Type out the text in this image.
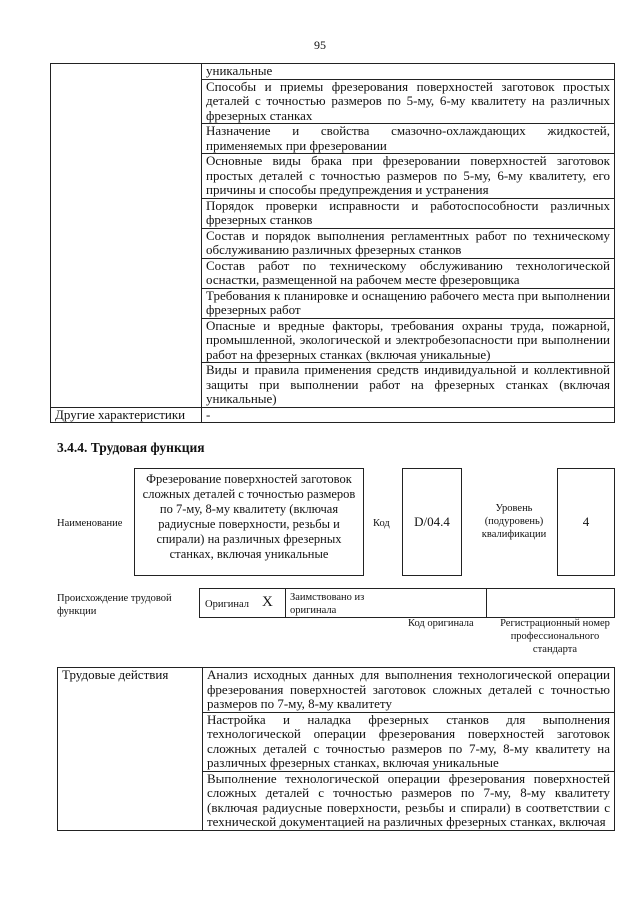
95
	уникальные
	Способы и приемы фрезерования поверхностей заготовок простых деталей с точностью размеров по 5-му, 6-му квалитету на различных фрезерных станках
	Назначение и свойства смазочно-охлаждающих жидкостей, применяемых при фрезеровании
	Основные виды брака при фрезеровании поверхностей заготовок простых деталей с точностью размеров по 5-му, 6-му квалитету, его причины и способы предупреждения и устранения
	Порядок проверки исправности и работоспособности различных фрезерных станков
	Состав и порядок выполнения регламентных работ по техническому обслуживанию различных фрезерных станков
	Состав работ по техническому обслуживанию технологической оснастки, размещенной на рабочем месте фрезеровщика
	Требования к планировке и оснащению рабочего места при выполнении фрезерных работ
	Опасные и вредные факторы, требования охраны труда, пожарной, промышленной, экологической и электробезопасности при выполнении работ на фрезерных станках (включая уникальные)
	Виды и правила применения средств индивидуальной и коллективной защиты при выполнении работ на фрезерных станках (включая уникальные)
Другие характеристики	-
3.4.4. Трудовая функция
Наименование
Фрезерование поверхностей заготовок сложных деталей с точностью размеров по 7-му, 8-му квалитету (включая радиусные поверхности, резьбы и спирали) на различных фрезерных станках, включая уникальные
Код	D/04.4
Уровень (подуровень) квалификации
4
Происхождение трудовой функции
Оригинал X Заимствовано из оригинала
Код оригинала	Регистрационный номер профессионального стандарта
Трудовые действия	Анализ исходных данных для выполнения технологической операции фрезерования поверхностей заготовок сложных деталей с точностью размеров по 7-му, 8-му квалитету
Настройка и наладка фрезерных станков для выполнения технологической операции фрезерования поверхностей заготовок сложных деталей с точностью размеров по 7-му, 8-му квалитету на различных фрезерных станках, включая уникальные
Выполнение технологической операции фрезерования поверхностей сложных деталей с точностью размеров по 7-му, 8-му квалитету (включая радиусные поверхности, резьбы и спирали) в соответствии с технической документацией на различных фрезерных станках, включая
